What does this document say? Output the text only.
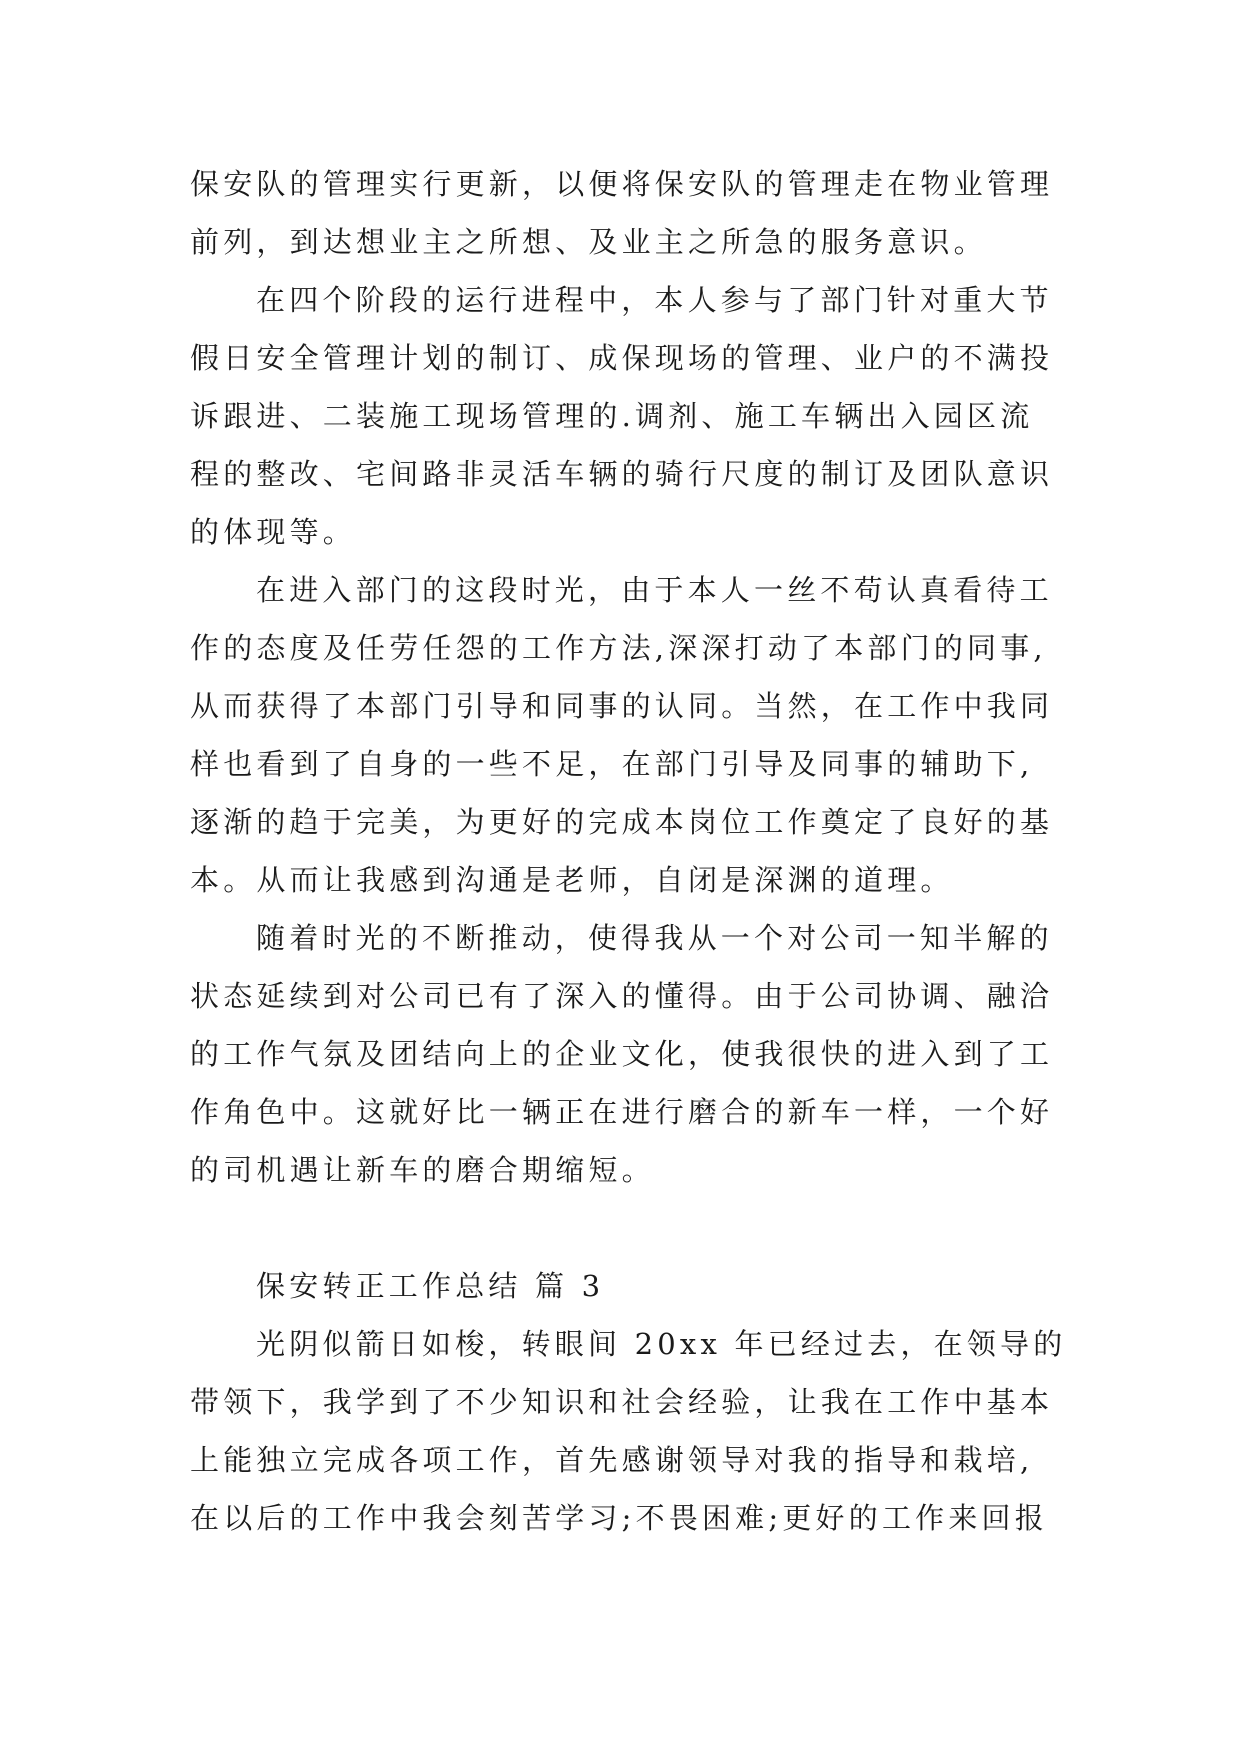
保安队的管理实行更新，以便将保安队的管理走在物业管理
前列，到达想业主之所想、及业主之所急的服务意识。
在四个阶段的运行进程中，本人参与了部门针对重大节
假日安全管理计划的制订、成保现场的管理、业户的不满投
诉跟进、二装施工现场管理的.调剂、施工车辆出入园区流
程的整改、宅间路非灵活车辆的骑行尺度的制订及团队意识
的体现等。
在进入部门的这段时光，由于本人一丝不苟认真看待工
作的态度及任劳任怨的工作方法,深深打动了本部门的同事,
从而获得了本部门引导和同事的认同。当然，在工作中我同
样也看到了自身的一些不足，在部门引导及同事的辅助下,
逐渐的趋于完美，为更好的完成本岗位工作奠定了良好的基
本。从而让我感到沟通是老师，自闭是深渊的道理。
随着时光的不断推动，使得我从一个对公司一知半解的
状态延续到对公司已有了深入的懂得。由于公司协调、融洽
的工作气氛及团结向上的企业文化，使我很快的进入到了工
作角色中。这就好比一辆正在进行磨合的新车一样，一个好
的司机遇让新车的磨合期缩短。
保安转正工作总结 篇 3
光阴似箭日如梭，转眼间 20xx 年已经过去，在领导的
带领下，我学到了不少知识和社会经验，让我在工作中基本
上能独立完成各项工作，首先感谢领导对我的指导和栽培,
在以后的工作中我会刻苦学习;不畏困难;更好的工作来回报
